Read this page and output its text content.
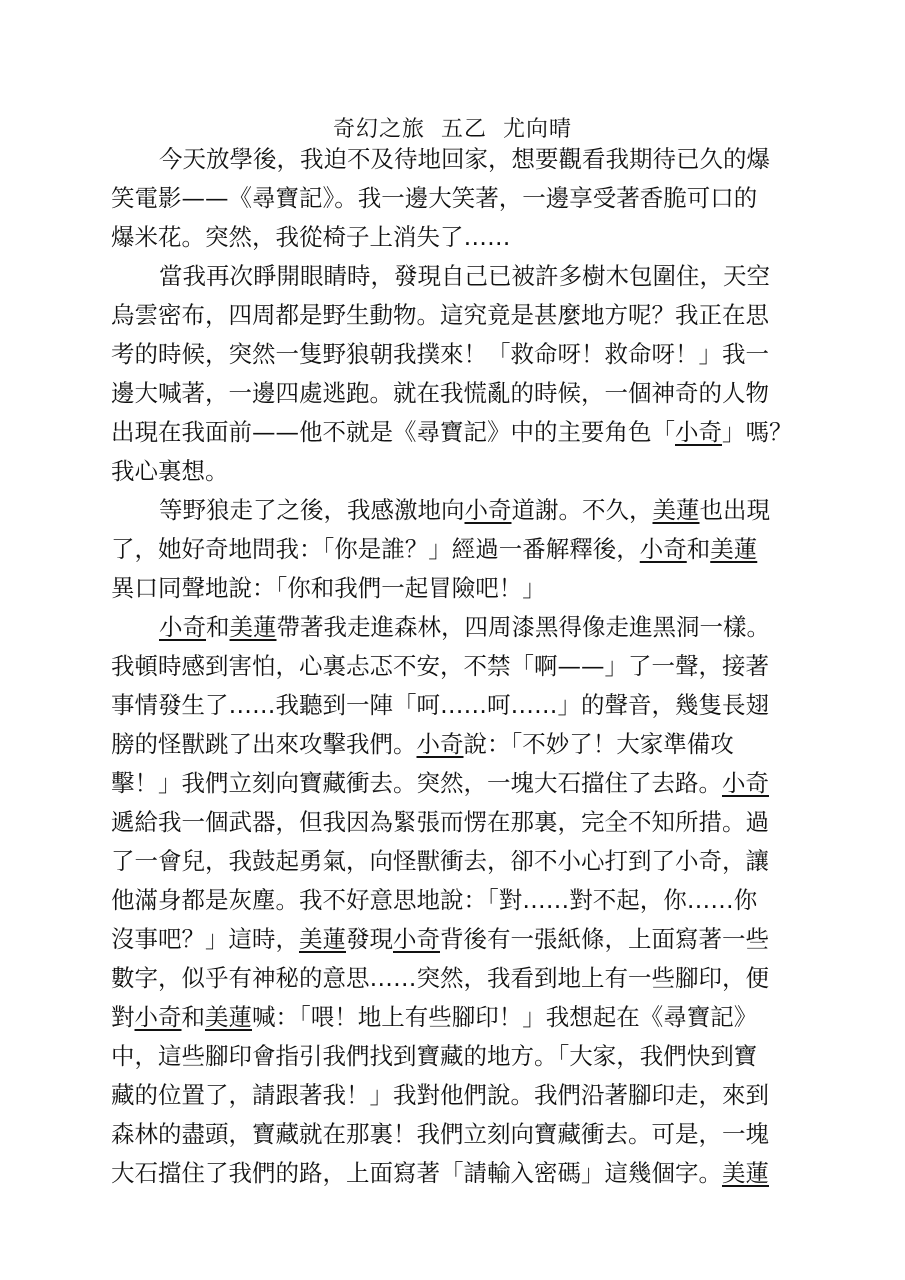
奇幻之旅  五乙  尤向晴
今天放學後，我迫不及待地回家，想要觀看我期待已久的爆
笑電影——《尋寶記》。我一邊大笑著，一邊享受著香脆可口的
爆米花。突然，我從椅子上消失了……
當我再次睜開眼睛時，發現自己已被許多樹木包圍住，天空
烏雲密布，四周都是野生動物。這究竟是甚麼地方呢？我正在思
考的時候，突然一隻野狼朝我撲來！「救命呀！救命呀！」我一
邊大喊著，一邊四處逃跑。就在我慌亂的時候，一個神奇的人物
出現在我面前——他不就是《尋寶記》中的主要角色「小奇」嗎？
我心裏想。
等野狼走了之後，我感激地向小奇道謝。不久，美蓮也出現
了，她好奇地問我：「你是誰？」經過一番解釋後，小奇和美蓮
異口同聲地說：「你和我們一起冒險吧！」
小奇和美蓮帶著我走進森林，四周漆黑得像走進黑洞一樣。
我頓時感到害怕，心裏忐忑不安，不禁「啊——」了一聲，接著
事情發生了……我聽到一陣「呵……呵……」的聲音，幾隻長翅
膀的怪獸跳了出來攻擊我們。小奇說：「不妙了！大家準備攻
擊！」我們立刻向寶藏衝去。突然，一塊大石擋住了去路。小奇
遞給我一個武器，但我因為緊張而愣在那裏，完全不知所措。過
了一會兒，我鼓起勇氣，向怪獸衝去，卻不小心打到了小奇，讓
他滿身都是灰塵。我不好意思地說：「對……對不起，你……你
沒事吧？」這時，美蓮發現小奇背後有一張紙條，上面寫著一些
數字，似乎有神秘的意思……突然，我看到地上有一些腳印，便
對小奇和美蓮喊：「喂！地上有些腳印！」我想起在《尋寶記》
中，這些腳印會指引我們找到寶藏的地方。「大家，我們快到寶
藏的位置了，請跟著我！」我對他們說。我們沿著腳印走，來到
森林的盡頭，寶藏就在那裏！我們立刻向寶藏衝去。可是，一塊
大石擋住了我們的路，上面寫著「請輸入密碼」這幾個字。美蓮
